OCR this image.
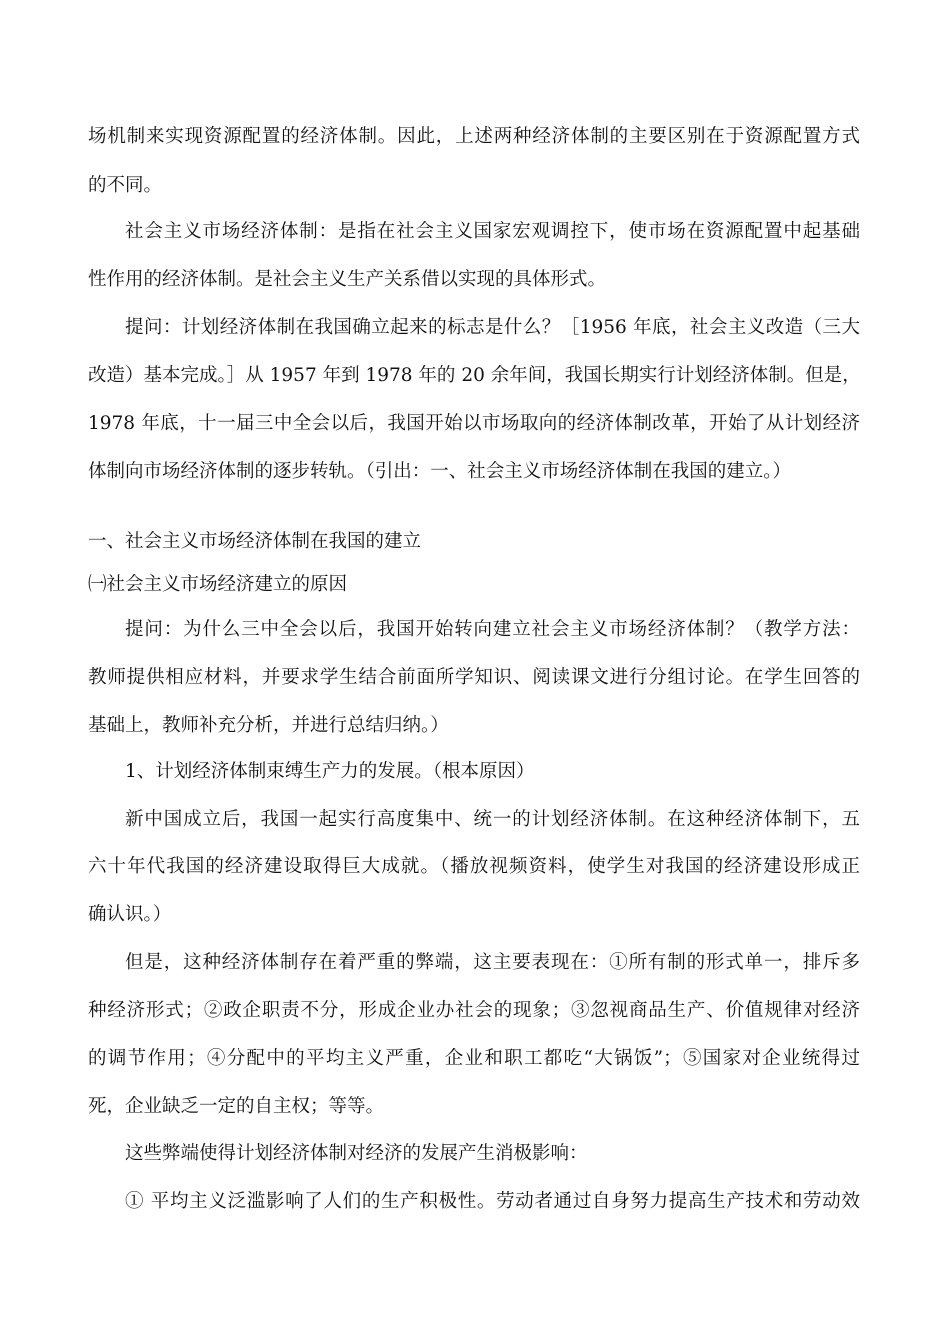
场机制来实现资源配置的经济体制。因此，上述两种经济体制的主要区别在于资源配置方式
的不同。
社会主义市场经济体制：是指在社会主义国家宏观调控下，使市场在资源配置中起基础
性作用的经济体制。是社会主义生产关系借以实现的具体形式。
提问：计划经济体制在我国确立起来的标志是什么？［1956 年底，社会主义改造（三大
改造）基本完成。］从 1957 年到 1978 年的 20 余年间，我国长期实行计划经济体制。但是，
1978 年底，十一届三中全会以后，我国开始以市场取向的经济体制改革，开始了从计划经济
体制向市场经济体制的逐步转轨。（引出：一、社会主义市场经济体制在我国的建立。）
一、社会主义市场经济体制在我国的建立
㈠社会主义市场经济建立的原因
提问：为什么三中全会以后，我国开始转向建立社会主义市场经济体制？（教学方法：
教师提供相应材料，并要求学生结合前面所学知识、阅读课文进行分组讨论。在学生回答的
基础上，教师补充分析，并进行总结归纳。）
1、计划经济体制束缚生产力的发展。（根本原因）
新中国成立后，我国一起实行高度集中、统一的计划经济体制。在这种经济体制下，五
六十年代我国的经济建设取得巨大成就。（播放视频资料，使学生对我国的经济建设形成正
确认识。）
但是，这种经济体制存在着严重的弊端，这主要表现在：①所有制的形式单一，排斥多
种经济形式；②政企职责不分，形成企业办社会的现象；③忽视商品生产、价值规律对经济
的调节作用；④分配中的平均主义严重，企业和职工都吃“大锅饭”；⑤国家对企业统得过
死，企业缺乏一定的自主权；等等。
这些弊端使得计划经济体制对经济的发展产生消极影响：
① 平均主义泛滥影响了人们的生产积极性。劳动者通过自身努力提高生产技术和劳动效
